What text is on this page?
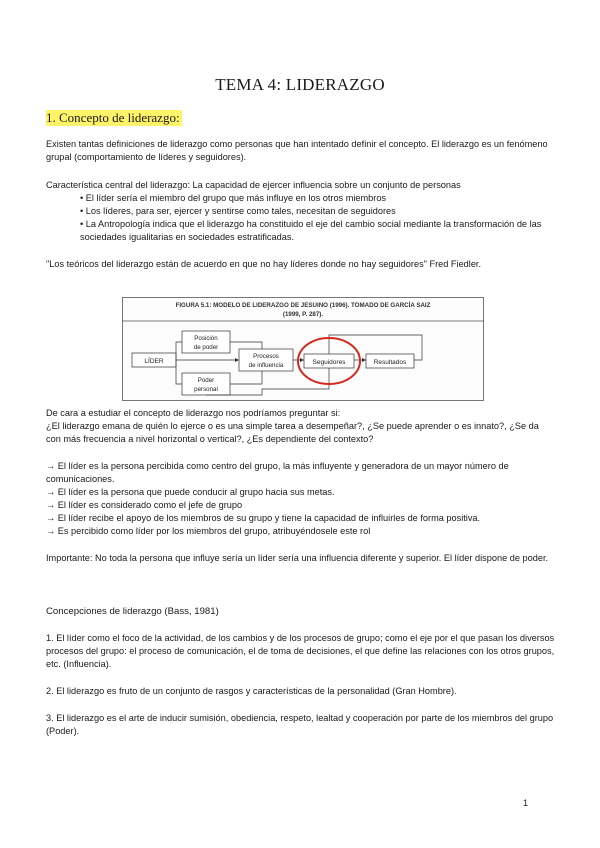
TEMA 4: LIDERAZGO
1. Concepto de liderazgo:
Existen tantas definiciones de liderazgo como personas que han intentado definir el concepto. El liderazgo es un fenómeno grupal (comportamiento de líderes y seguidores).
Característica central del liderazgo: La capacidad de ejercer influencia sobre un conjunto de personas
• El líder sería el miembro del grupo que más influye en los otros miembros
• Los líderes, para ser, ejercer y sentirse como tales, necesitan de seguidores
• La Antropología indica que el liderazgo ha constituido el eje del cambio social mediante la transformación de las sociedades igualitarias en sociedades estratificadas.
"Los teóricos del liderazgo están de acuerdo en que no hay líderes donde no hay seguidores" Fred Fiedler.
FIGURA 5.1: MODELO DE LIDERAZGO DE JESUINO (1996). TOMADO DE GARCÍA SAIZ
(1999, P. 287).
LÍDER
Posición
de poder
Procesos
de influencia
Poder
personal
Seguidores	Resultados
De cara a estudiar el concepto de liderazgo nos podríamos preguntar si:
¿El liderazgo emana de quién lo ejerce o es una simple tarea a desempeñar?, ¿Se puede aprender o es innato?, ¿Se da con más frecuencia a nivel horizontal o vertical?, ¿Es dependiente del contexto?
→ El líder es la persona percibida como centro del grupo, la más influyente y generadora de un mayor número de comunicaciones.
→ El líder es la persona que puede conducir al grupo hacia sus metas.
→ El líder es considerado como el jefe de grupo
→ El líder recibe el apoyo de los miembros de su grupo y tiene la capacidad de influirles de forma positiva.
→ Es percibido como líder por los miembros del grupo, atribuyéndosele este rol
Importante: No toda la persona que influye sería un líder sería una influencia diferente y superior. El líder dispone de poder.
Concepciones de liderazgo (Bass, 1981)
1. El líder como el foco de la actividad, de los cambios y de los procesos de grupo; como el eje por el que pasan los diversos procesos del grupo: el proceso de comunicación, el de toma de decisiones, el que define las relaciones con los otros grupos, etc. (Influencia).
2. El liderazgo es fruto de un conjunto de rasgos y características de la personalidad (Gran Hombre).
3. El liderazgo es el arte de inducir sumisión, obediencia, respeto, lealtad y cooperación por parte de los miembros del grupo (Poder).
1
